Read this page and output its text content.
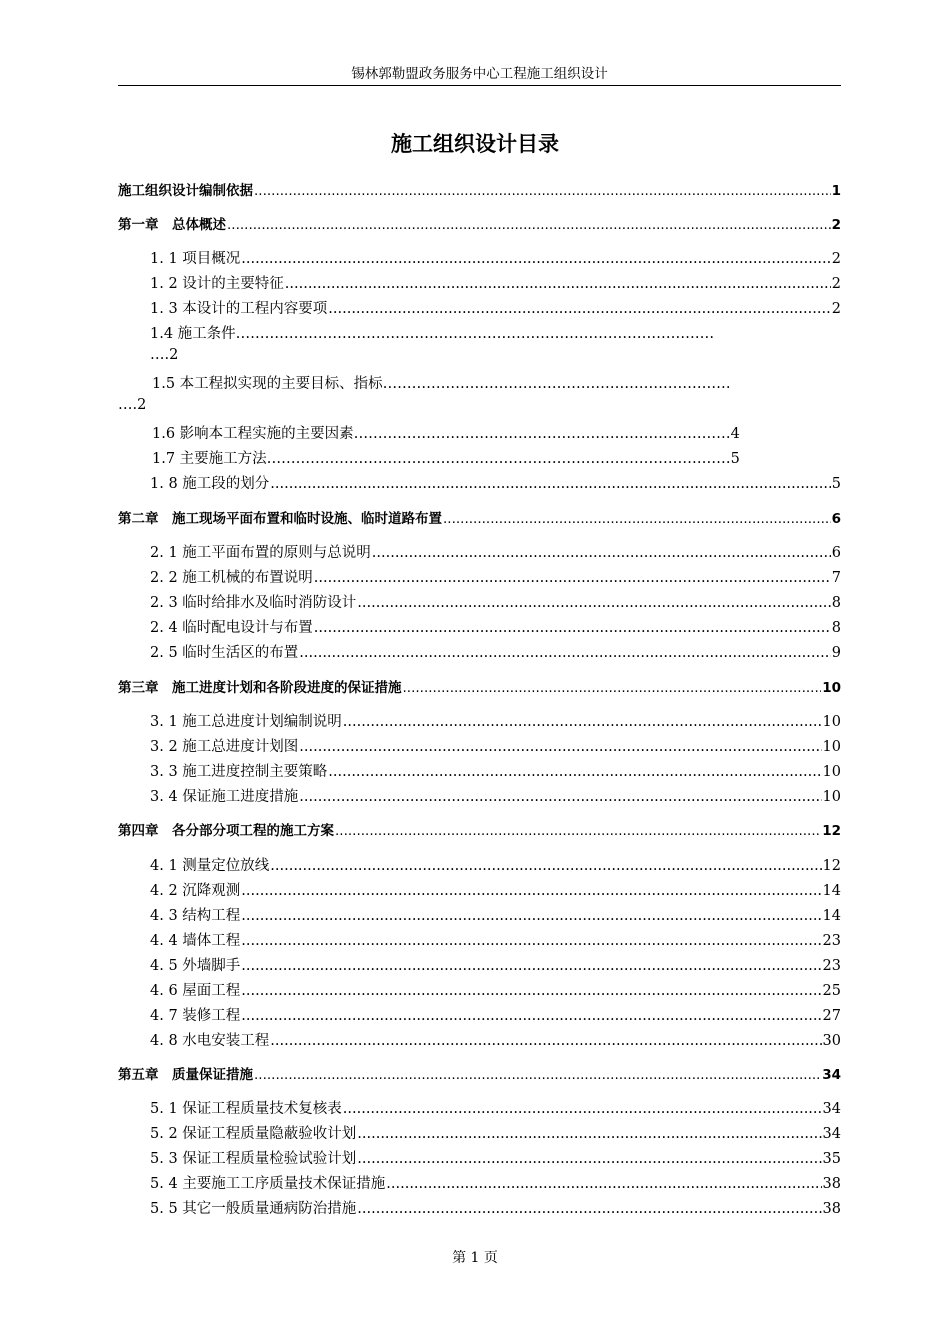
锡林郭勒盟政务服务中心工程施工组织设计
施工组织设计目录
施工组织设计编制依据 .....	1
第一章　总体概述 .....	2
1. 1 项目概况 .....	2
1. 2 设计的主要特征 .....	2
1. 3 本设计的工程内容要项 .....	2
1.4 施工条件………………………………………………………………………………………
….2
1.5 本工程拟实现的主要目标、指标………………………………………………………………
….2
1.6 影响本工程实施的主要因素……………………………………………………………………4
1.7 主要施工方法……………………………………………………………………………………5
1. 8 施工段的划分 .....	5
第二章　施工现场平面布置和临时设施、临时道路布置 .....	6
2. 1 施工平面布置的原则与总说明 .....	6
2. 2 施工机械的布置说明 .....	7
2. 3 临时给排水及临时消防设计 .....	8
2. 4 临时配电设计与布置 .....	8
2. 5 临时生活区的布置 .....	9
第三章　施工进度计划和各阶段进度的保证措施 .....	10
3. 1 施工总进度计划编制说明 .....	10
3. 2 施工总进度计划图 .....	10
3. 3 施工进度控制主要策略 .....	10
3. 4 保证施工进度措施 .....	10
第四章　各分部分项工程的施工方案 .....	12
4. 1 测量定位放线 .....	12
4. 2 沉降观测 .....	14
4. 3 结构工程 .....	14
4. 4 墙体工程 .....	23
4. 5 外墙脚手 .....	23
4. 6 屋面工程 .....	25
4. 7 装修工程 .....	27
4. 8 水电安装工程 .....	30
第五章　质量保证措施 .....	34
5. 1 保证工程质量技术复核表 .....	34
5. 2 保证工程质量隐蔽验收计划 .....	34
5. 3 保证工程质量检验试验计划 .....	35
5. 4 主要施工工序质量技术保证措施 .....	38
5. 5 其它一般质量通病防治措施 .....	38
第 1 页
